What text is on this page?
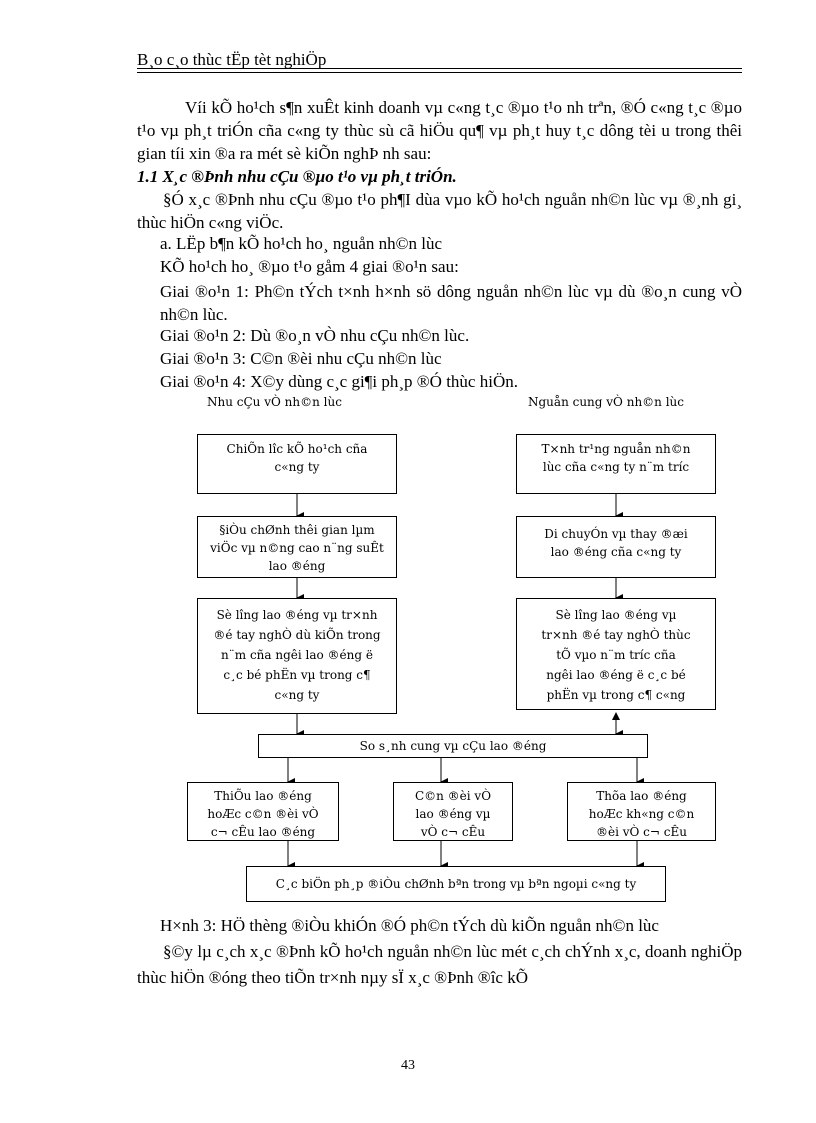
B¸o c¸o thùc tËp tèt nghiÖp
Víi kÕ ho¹ch s¶n xuÊt kinh doanh vµ c«ng t¸c ®µo t¹o nh trªn, ®Ó c«ng t¸c ®µo t¹o vµ ph¸t triÓn cña c«ng ty thùc sù cã hiÖu qu¶ vµ ph¸t huy t¸c dông tèi u trong thêi gian tíi xin ®a ra mét sè kiÕn nghÞ nh sau:
1.1 X¸c ®Þnh nhu cÇu ®µo t¹o vµ ph¸t triÓn.
§Ó x¸c ®Þnh nhu cÇu ®µo t¹o ph¶I dùa vµo kÕ ho¹ch nguån nh©n lùc vµ ®¸nh gi¸ thùc hiÖn c«ng viÖc.
a. LËp b¶n kÕ ho¹ch ho¸ nguån nh©n lùc
KÕ ho¹ch ho¸ ®µo t¹o gåm 4 giai ®o¹n sau:
Giai ®o¹n 1: Ph©n tÝch t×nh h×nh sö dông nguån nh©n lùc vµ dù ®o¸n cung vÒ nh©n lùc.
Giai ®o¹n 2: Dù ®o¸n vÒ nhu cÇu nh©n lùc.
Giai ®o¹n 3: C©n ®èi nhu cÇu nh©n lùc
Giai ®o¹n 4: X©y dùng c¸c gi¶i ph¸p ®Ó thùc hiÖn.
Nhu cÇu vÒ nh©n lùc	Nguån cung vÒ nh©n lùc
ChiÕn lîc kÕ ho¹ch cña
c«ng ty
§iÒu chØnh thêi gian lµm
viÖc vµ n©ng cao n¨ng suÊt
lao ®éng
Sè lîng lao ®éng vµ tr×nh
®é tay nghÒ dù kiÕn trong
n¨m cña ngêi lao ®éng ë
c¸c bé phËn vµ trong c¶
c«ng ty
T×nh tr¹ng nguån nh©n
lùc cña c«ng ty n¨m tríc
Di chuyÓn vµ thay ®æi
lao ®éng cña c«ng ty
Sè lîng lao ®éng vµ
tr×nh ®é tay nghÒ thùc
tÕ vµo n¨m tríc cña
ngêi lao ®éng ë c¸c bé
phËn vµ trong c¶ c«ng
So s¸nh cung vµ cÇu lao ®éng
ThiÕu lao ®éng
hoÆc c©n ®èi vÒ
c¬ cÊu lao ®éng
C©n ®èi vÒ
lao ®éng vµ
vÒ c¬ cÊu
Thõa lao ®éng
hoÆc kh«ng c©n
®èi vÒ c¬ cÊu
C¸c biÖn ph¸p ®iÒu chØnh bªn trong vµ bªn ngoµi c«ng ty
H×nh 3: HÖ thèng ®iÒu khiÓn ®Ó ph©n tÝch dù kiÕn nguån nh©n lùc
§©y lµ c¸ch x¸c ®Þnh kÕ ho¹ch nguån nh©n lùc mét c¸ch chÝnh x¸c, doanh nghiÖp thùc hiÖn ®óng theo tiÕn tr×nh nµy sÏ x¸c ®Þnh ®îc kÕ
43
